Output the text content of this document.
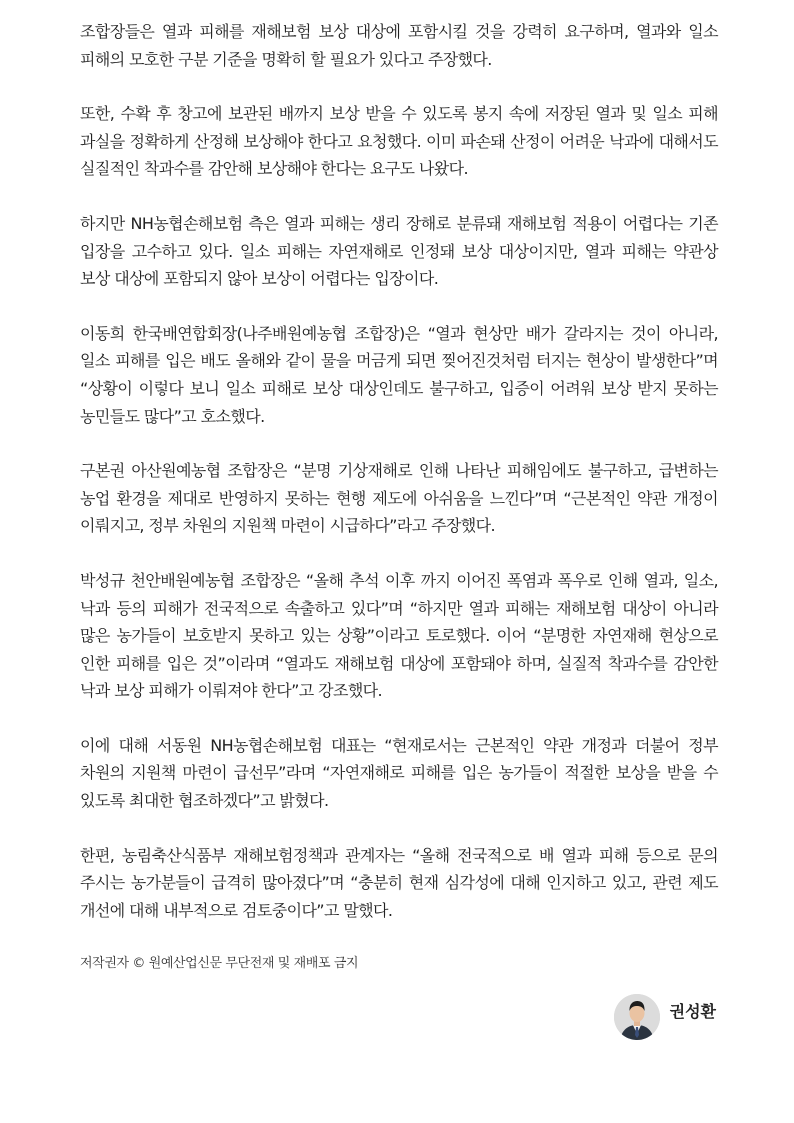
조합장들은 열과 피해를 재해보험 보상 대상에 포함시킬 것을 강력히 요구하며, 열과와 일소 피해의 모호한 구분 기준을 명확히 할 필요가 있다고 주장했다.

또한, 수확 후 창고에 보관된 배까지 보상 받을 수 있도록 봉지 속에 저장된 열과 및 일소 피해 과실을 정확하게 산정해 보상해야 한다고 요청했다. 이미 파손돼 산정이 어려운 낙과에 대해서도 실질적인 착과수를 감안해 보상해야 한다는 요구도 나왔다.

하지만 NH농협손해보험 측은 열과 피해는 생리 장해로 분류돼 재해보험 적용이 어렵다는 기존 입장을 고수하고 있다. 일소 피해는 자연재해로 인정돼 보상 대상이지만, 열과 피해는 약관상 보상 대상에 포함되지 않아 보상이 어렵다는 입장이다.

이동희 한국배연합회장(나주배원예농협 조합장)은 “열과 현상만 배가 갈라지는 것이 아니라, 일소 피해를 입은 배도 올해와 같이 물을 머금게 되면 찢어진것처럼 터지는 현상이 발생한다”며 “상황이 이렇다 보니 일소 피해로 보상 대상인데도 불구하고, 입증이 어려워 보상 받지 못하는 농민들도 많다”고 호소했다.

구본권 아산원예농협 조합장은 “분명 기상재해로 인해 나타난 피해임에도 불구하고, 급변하는 농업 환경을 제대로 반영하지 못하는 현행 제도에 아쉬움을 느낀다”며 “근본적인 약관 개정이 이뤄지고, 정부 차원의 지원책 마련이 시급하다”라고 주장했다.

박성규 천안배원예농협 조합장은 “올해 추석 이후 까지 이어진 폭염과 폭우로 인해 열과, 일소, 낙과 등의 피해가 전국적으로 속출하고 있다”며 “하지만 열과 피해는 재해보험 대상이 아니라 많은 농가들이 보호받지 못하고 있는 상황”이라고 토로했다. 이어 “분명한 자연재해 현상으로 인한 피해를 입은 것”이라며 “열과도 재해보험 대상에 포함돼야 하며, 실질적 착과수를 감안한 낙과 보상 피해가 이뤄져야 한다”고 강조했다.

이에 대해 서동원 NH농협손해보험 대표는 “현재로서는 근본적인 약관 개정과 더불어 정부 차원의 지원책 마련이 급선무”라며 “자연재해로 피해를 입은 농가들이 적절한 보상을 받을 수 있도록 최대한 협조하겠다”고 밝혔다.

한편, 농림축산식품부 재해보험정책과 관계자는 “올해 전국적으로 배 열과 피해 등으로 문의 주시는 농가분들이 급격히 많아졌다”며 “충분히 현재 심각성에 대해 인지하고 있고, 관련 제도 개선에 대해 내부적으로 검토중이다”고 말했다.

저작권자 © 원예산업신문 무단전재 및 재배포 금지
권성환
